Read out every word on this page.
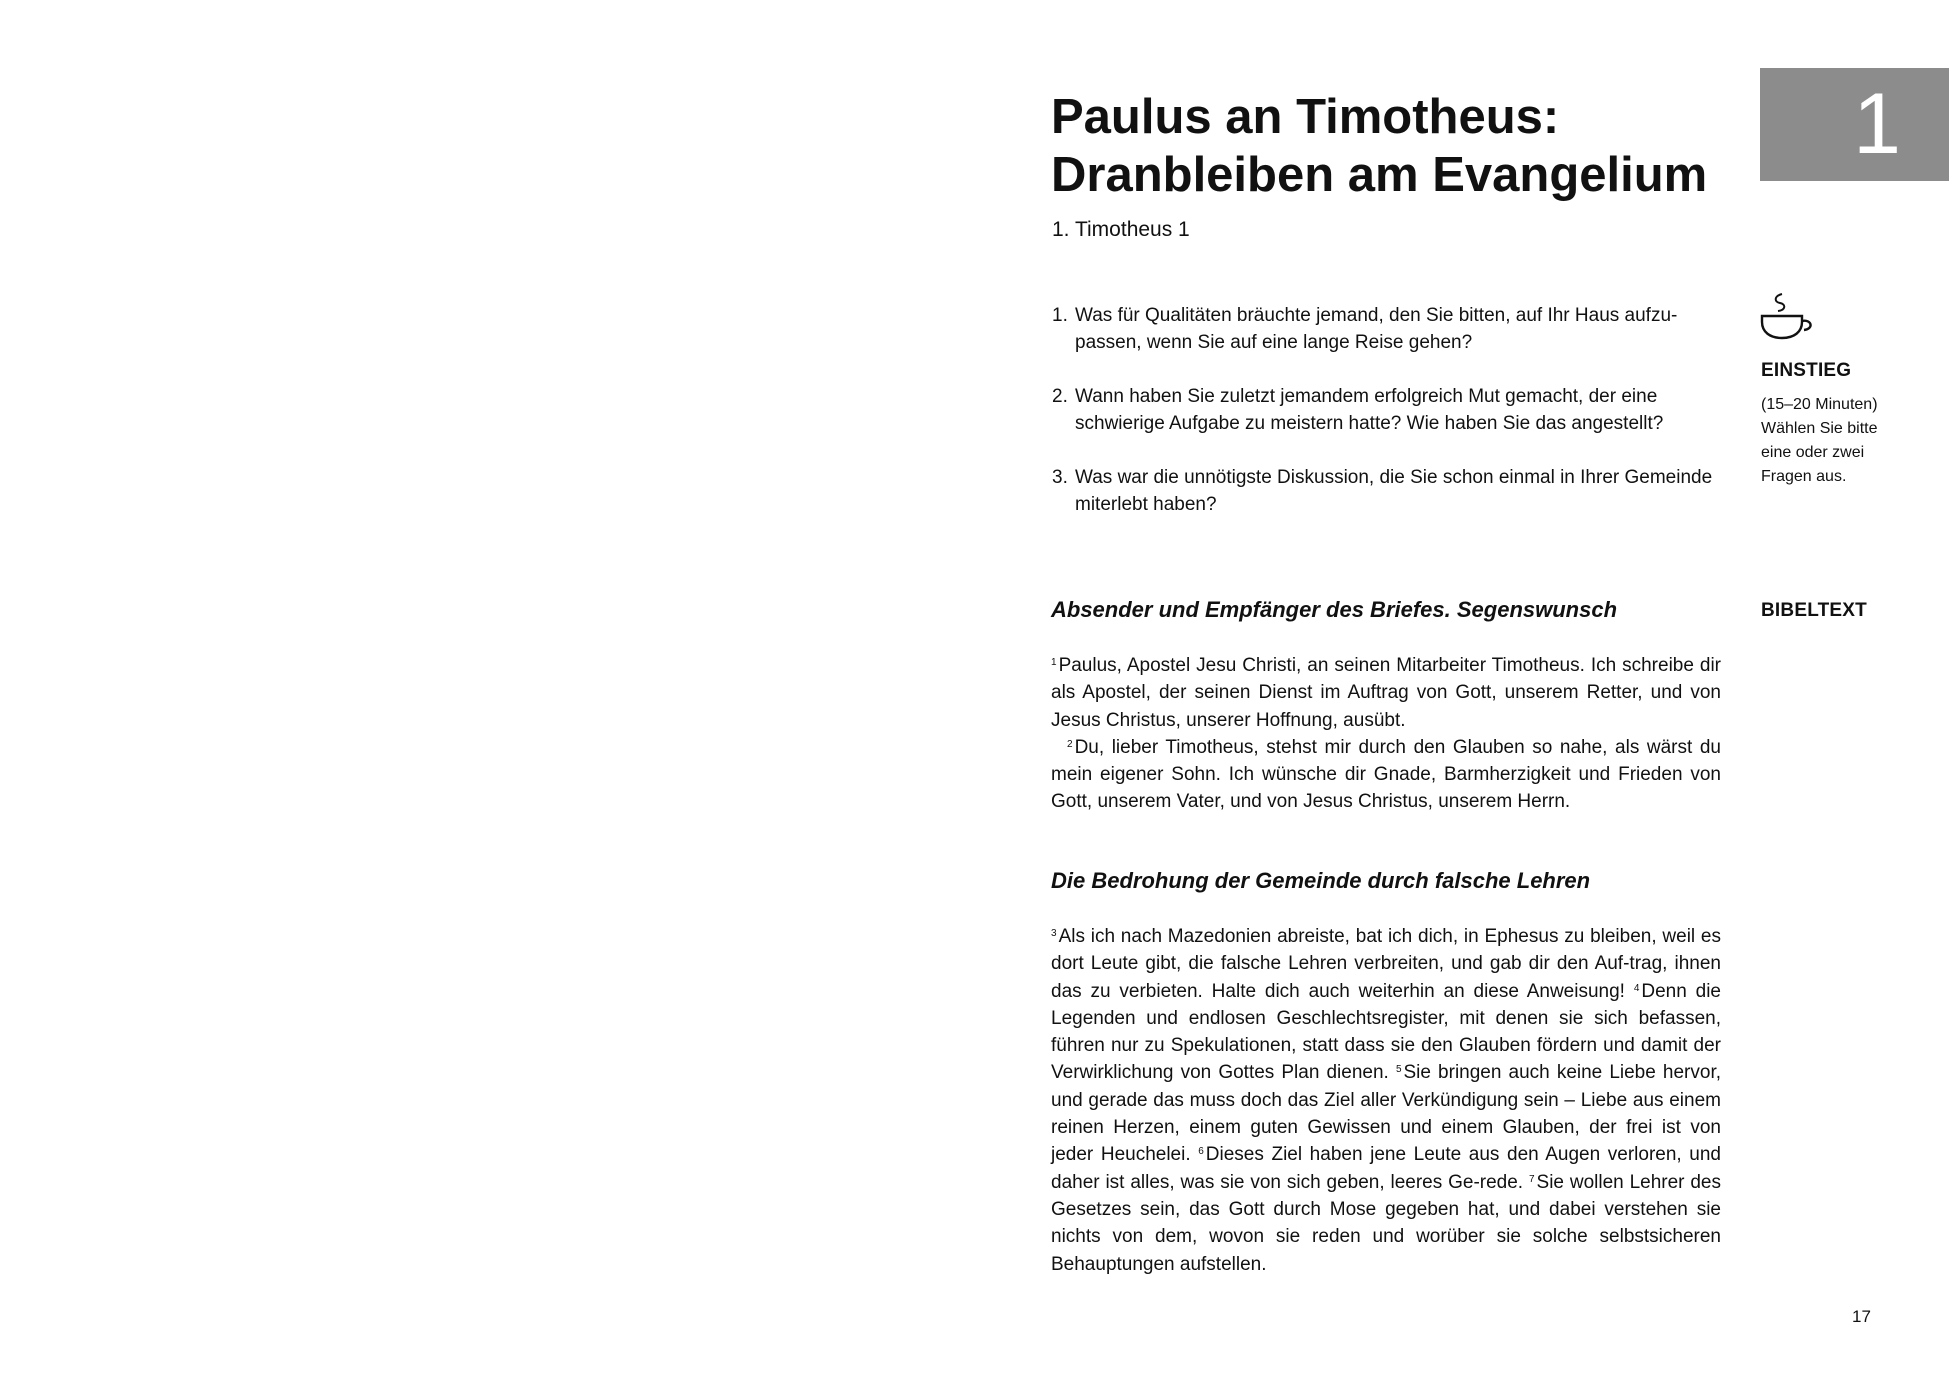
1
Paulus an Timotheus:
Dranbleiben am Evangelium
1. Timotheus 1
1. Was für Qualitäten bräuchte jemand, den Sie bitten, auf Ihr Haus aufzu-passen, wenn Sie auf eine lange Reise gehen?
2. Wann haben Sie zuletzt jemandem erfolgreich Mut gemacht, der eine schwierige Aufgabe zu meistern hatte? Wie haben Sie das angestellt?
3. Was war die unnötigste Diskussion, die Sie schon einmal in Ihrer Gemeinde miterlebt haben?
EINSTIEG
(15–20 Minuten)
Wählen Sie bitte
eine oder zwei
Fragen aus.
BIBELTEXT
Absender und Empfänger des Briefes. Segenswunsch

$^1$ Paulus, Apostel Jesu Christi, an seinen Mitarbeiter Timotheus. Ich schreibe dir als Apostel, der seinen Dienst im Auftrag von Gott, unserem Retter, und von Jesus Christus, unserer Hoffnung, ausübt.

$^2$ Du, lieber Timotheus, stehst mir durch den Glauben so nahe, als wärst du mein eigener Sohn. Ich wünsche dir Gnade, Barmherzigkeit und Frieden von Gott, unserem Vater, und von Jesus Christus, unserem Herrn.

Die Bedrohung der Gemeinde durch falsche Lehren

$^3$ Als ich nach Mazedonien abreiste, bat ich dich, in Ephesus zu bleiben, weil es dort Leute gibt, die falsche Lehren verbreiten, und gab dir den Auf-trag, ihnen das zu verbieten. Halte dich auch weiterhin an diese Anweisung! $^4$ Denn die Legenden und endlosen Geschlechtsregister, mit denen sie sich befassen, führen nur zu Spekulationen, statt dass sie den Glauben fördern und damit der Verwirklichung von Gottes Plan dienen. $^5$ Sie bringen auch keine Liebe hervor, und gerade das muss doch das Ziel aller Verkündigung sein – Liebe aus einem reinen Herzen, einem guten Gewissen und einem Glauben, der frei ist von jeder Heuchelei. $^6$ Dieses Ziel haben jene Leute aus den Augen verloren, und daher ist alles, was sie von sich geben, leeres Ge-rede. $^7$ Sie wollen Lehrer des Gesetzes sein, das Gott durch Mose gegeben hat, und dabei verstehen sie nichts von dem, wovon sie reden und worüber sie solche selbstsicheren Behauptungen aufstellen.

17
